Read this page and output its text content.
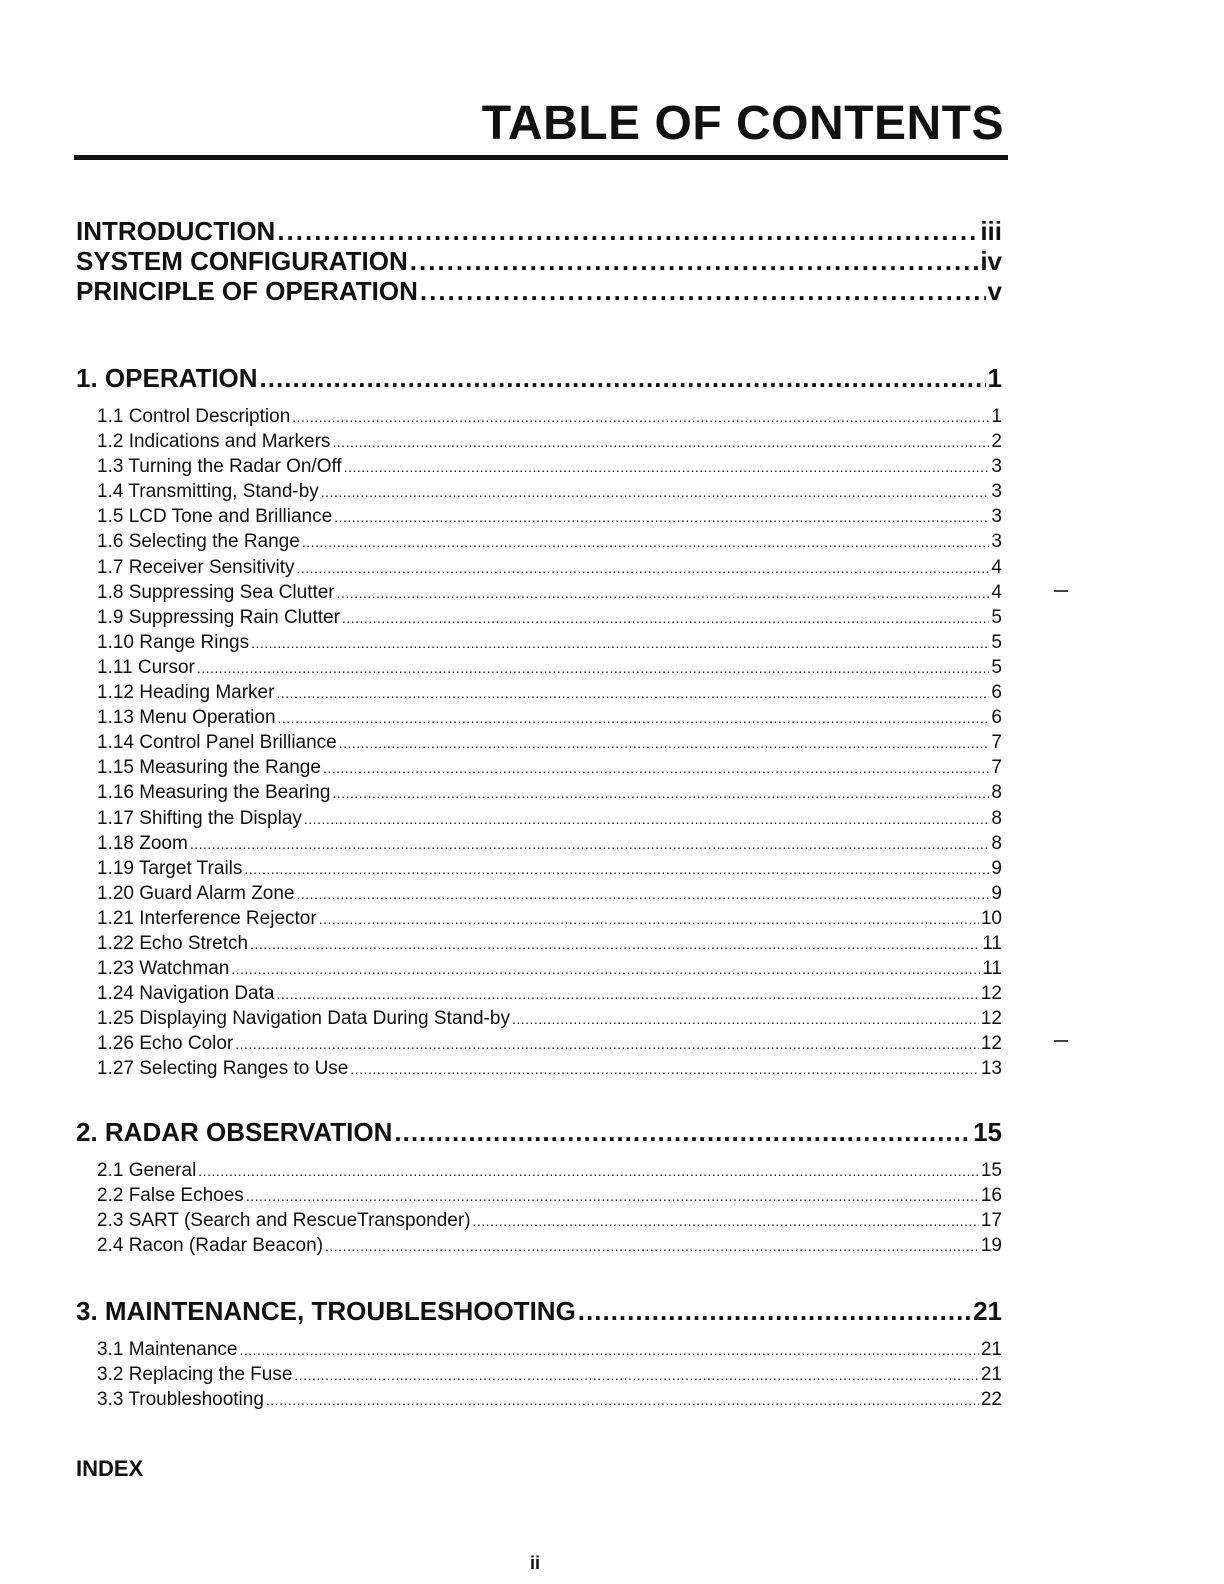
TABLE OF CONTENTS
INTRODUCTION .....	iii
SYSTEM CONFIGURATION .....	iv
PRINCIPLE OF OPERATION .....	v
1. OPERATION .....	1
1.1 Control Description .....	1
1.2 Indications and Markers .....	2
1.3 Turning the Radar On/Off .....	3
1.4 Transmitting, Stand-by .....	3
1.5 LCD Tone and Brilliance .....	3
1.6 Selecting the Range .....	3
1.7 Receiver Sensitivity .....	4
1.8 Suppressing Sea Clutter .....	4
1.9 Suppressing Rain Clutter .....	5
1.10 Range Rings .....	5
1.11 Cursor .....	5
1.12 Heading Marker .....	6
1.13 Menu Operation .....	6
1.14 Control Panel Brilliance .....	7
1.15 Measuring the Range .....	7
1.16 Measuring the Bearing .....	8
1.17 Shifting the Display .....	8
1.18 Zoom .....	8
1.19 Target Trails .....	9
1.20 Guard Alarm Zone .....	9
1.21 Interference Rejector .....	10
1.22 Echo Stretch .....	11
1.23 Watchman .....	11
1.24 Navigation Data .....	12
1.25 Displaying Navigation Data During Stand-by .....	12
1.26 Echo Color .....	12
1.27 Selecting Ranges to Use .....	13
2. RADAR OBSERVATION .....	15
2.1 General .....	15
2.2 False Echoes .....	16
2.3 SART (Search and RescueTransponder) .....	17
2.4 Racon (Radar Beacon) .....	19
3. MAINTENANCE, TROUBLESHOOTING .....	21
3.1 Maintenance .....	21
3.2 Replacing the Fuse .....	21
3.3 Troubleshooting .....	22
INDEX
ii
